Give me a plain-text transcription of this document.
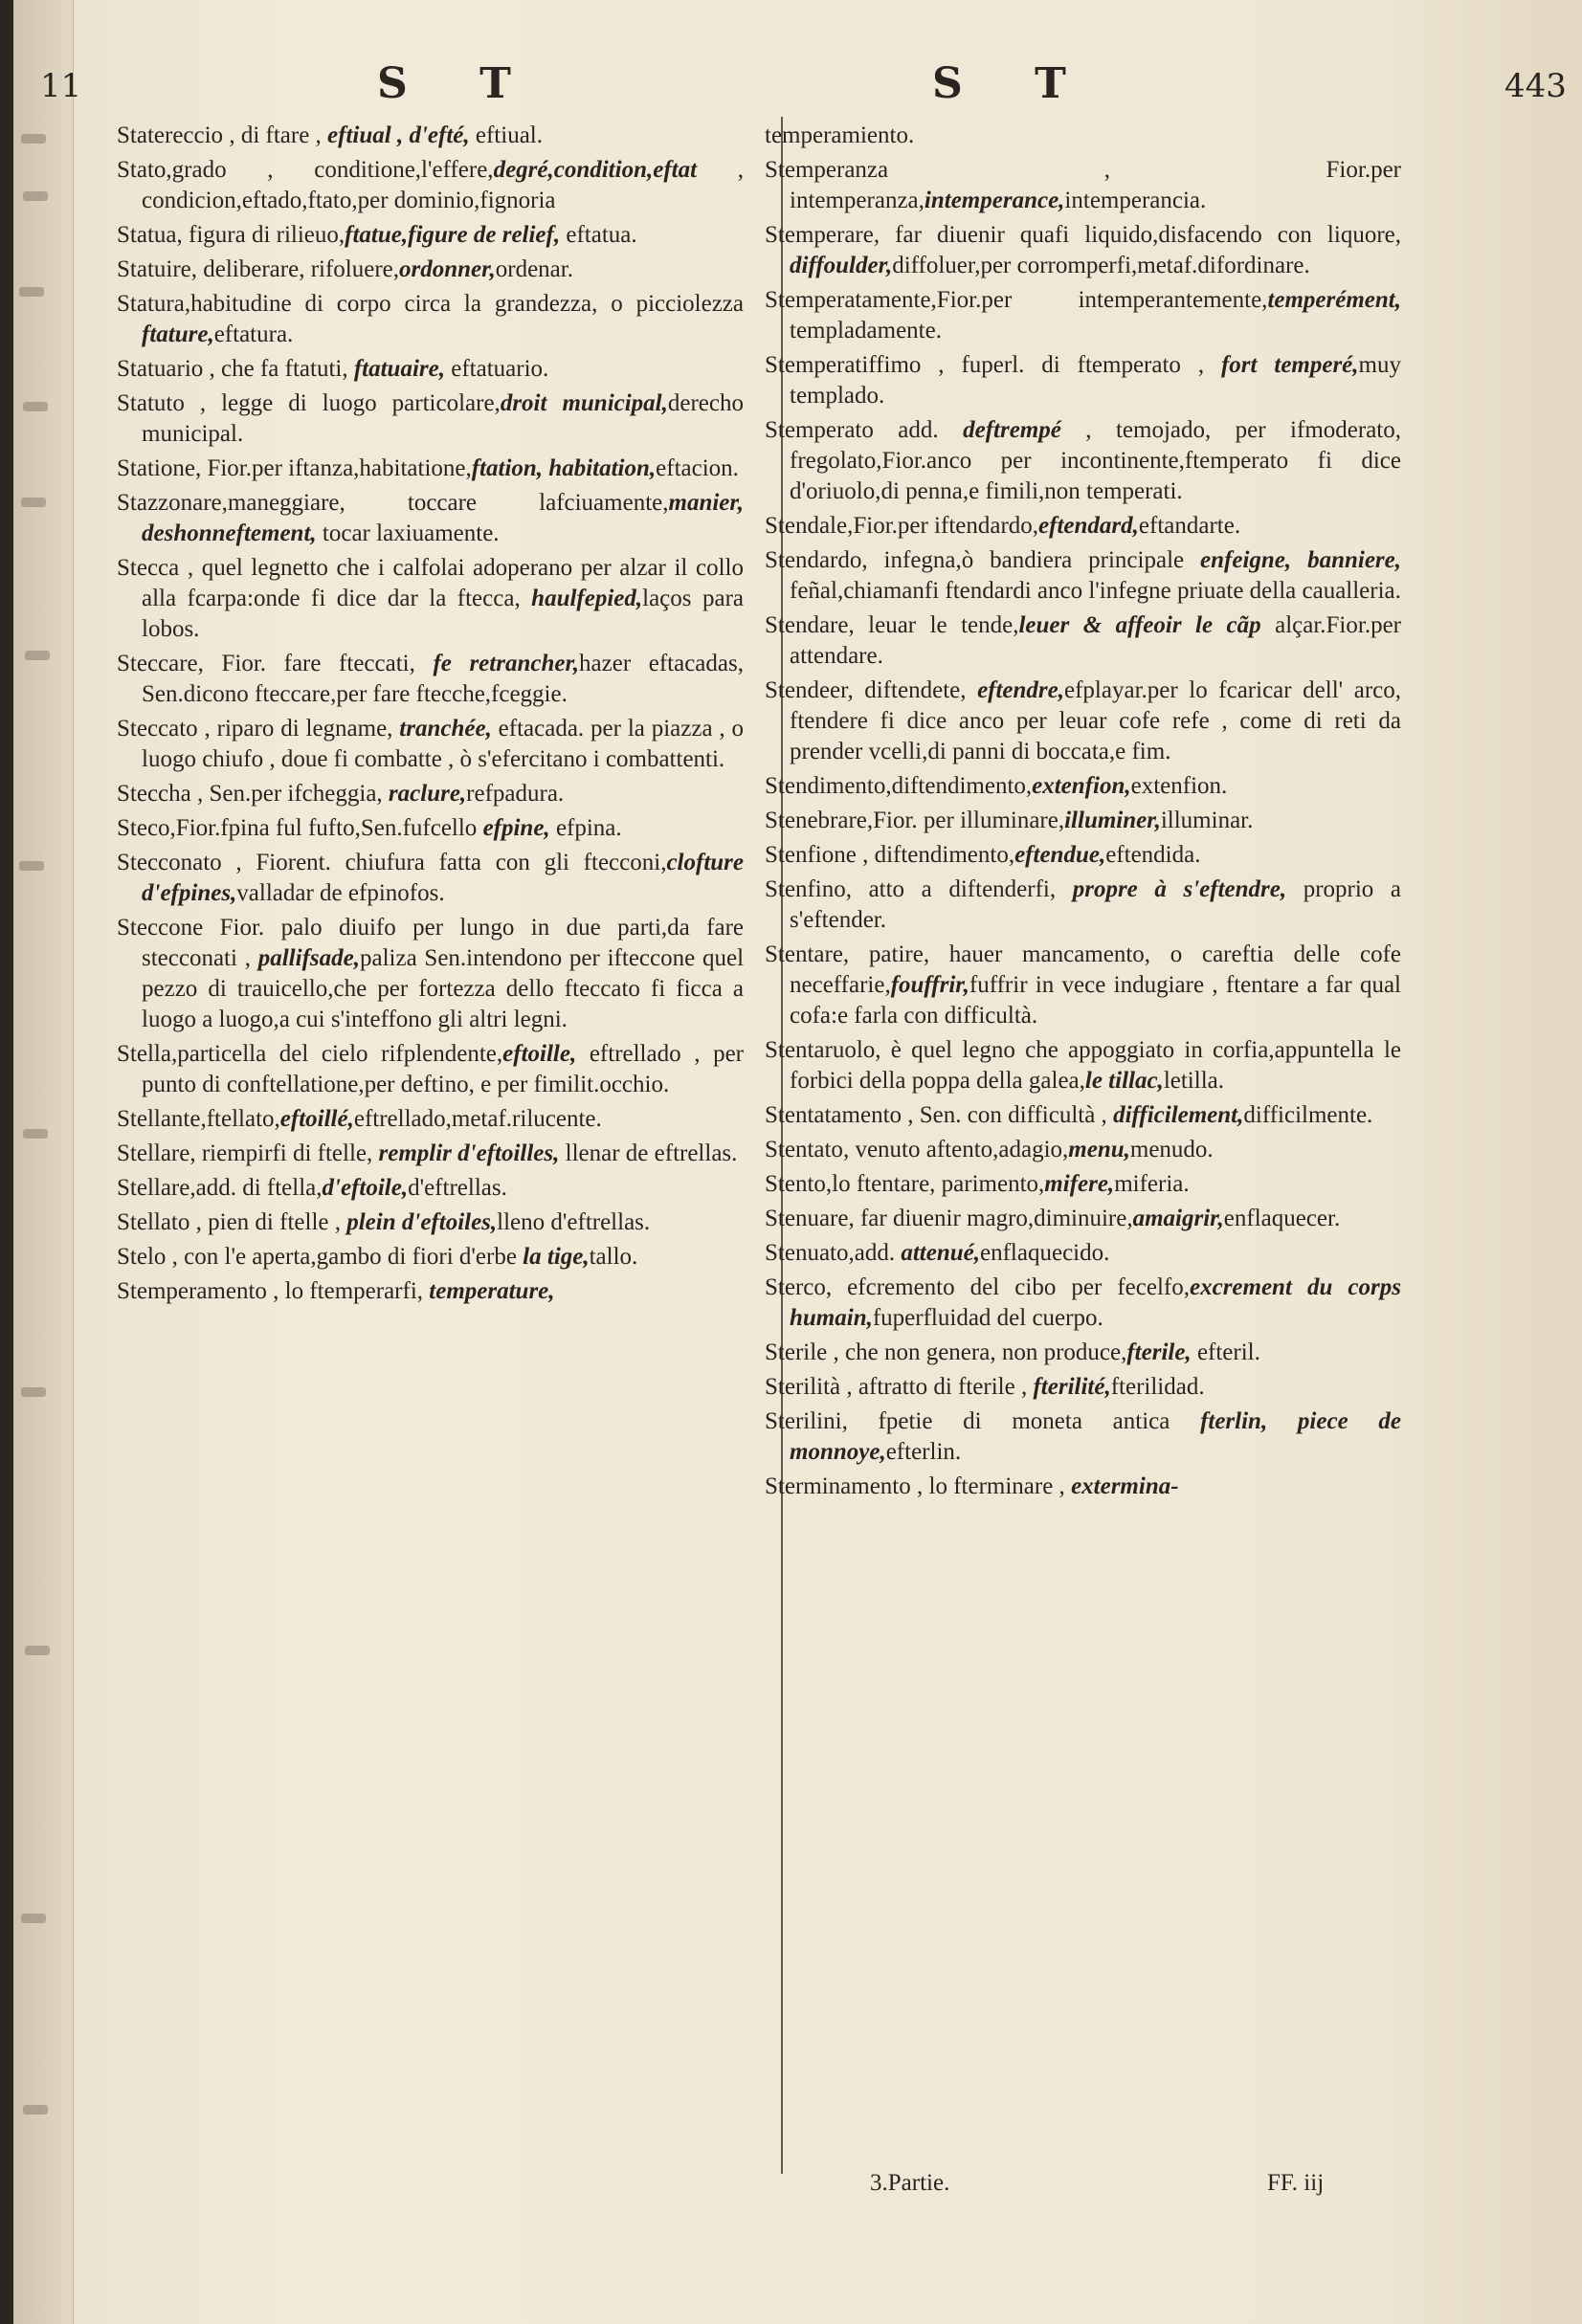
11	S T	S T	443

Statereccio , di ftare , eftiual , d'efté, eftiual.

Stato,grado , conditione,l'effere,degré,condition,eftat , condicion,eftado,ftato,per dominio,fignoria

Statua, figura di rilieuo,ftatue,figure de relief, eftatua.

Statuire, deliberare, rifoluere,ordonner,ordenar.

Statura,habitudine di corpo circa la grandezza, o picciolezza ftature,eftatura.

Statuario , che fa ftatuti, ftatuaire, eftatuario.

Statuto , legge di luogo particolare,droit municipal,derecho municipal.

Statione, Fior.per iftanza,habitatione,ftation, habitation,eftacion.

Stazzonare,maneggiare, toccare lafciuamente,manier, deshonneftement, tocar laxiuamente.

Stecca , quel legnetto che i calfolai adoperano per alzar il collo alla fcarpa:onde fi dice dar la ftecca, haulfepied,laços para lobos.

Steccare, Fior. fare fteccati, fe retrancher,hazer eftacadas, Sen.dicono fteccare,per fare ftecche,fceggie.

Steccato , riparo di legname, tranchée, eftacada. per la piazza , o luogo chiufo , doue fi combatte , ò s'efercitano i combattenti.

Steccha , Sen.per ifcheggia, raclure,refpadura.

Steco,Fior.fpina ful fufto,Sen.fufcello efpine, efpina.

Stecconato , Fiorent. chiufura fatta con gli ftecconi,clofture d'efpines,valladar de efpinofos.

Steccone Fior. palo diuifo per lungo in due parti,da fare stecconati , pallifsade,paliza Sen.intendono per ifteccone quel pezzo di trauicello,che per fortezza dello fteccato fi ficca a luogo a luogo,a cui s'inteffono gli altri legni.

Stella,particella del cielo rifplendente,eftoille, eftrellado , per punto di conftellatione,per deftino, e per fimilit.occhio.

Stellante,ftellato,eftoillé,eftrellado,metaf.rilucente.

Stellare, riempirfi di ftelle, remplir d'eftoilles, llenar de eftrellas.

Stellare,add. di ftella,d'eftoile,d'eftrellas.

Stellato , pien di ftelle , plein d'eftoiles,lleno d'eftrellas.

Stelo , con l'e aperta,gambo di fiori d'erbe la tige,tallo.

Stemperamento , lo ftemperarfi, temperature,

temperamiento.

Stemperanza , Fior.per intemperanza,intemperance,intemperancia.

Stemperare, far diuenir quafi liquido,disfacendo con liquore, diffoulder,diffoluer,per corromperfi,metaf.difordinare.

Stemperatamente,Fior.per intemperantemente,temperément, templadamente.

Stemperatiffimo , fuperl. di ftemperato , fort temperé,muy templado.

Stemperato add. deftrempé , temojado, per ifmoderato, fregolato,Fior.anco per incontinente,ftemperato fi dice d'oriuolo,di penna,e fimili,non temperati.

Stendale,Fior.per iftendardo,eftendard,eftandarte.

Stendardo, infegna,ò bandiera principale enfeigne, banniere, feñal,chiamanfi ftendardi anco l'infegne priuate della caualleria.

Stendare, leuar le tende,leuer & affeoir le cãp alçar.Fior.per attendare.

Stendeer, diftendete, eftendre,efplayar.per lo fcaricar dell' arco, ftendere fi dice anco per leuar cofe refe , come di reti da prender vcelli,di panni di boccata,e fim.

Stendimento,diftendimento,extenfion,extenfion.

Stenebrare,Fior. per illuminare,illuminer,illuminar.

Stenfione , diftendimento,eftendue,eftendida.

Stenfino, atto a diftenderfi, propre à s'eftendre, proprio a s'eftender.

Stentare, patire, hauer mancamento, o careftia delle cofe neceffarie,fouffrir,fuffrir in vece indugiare , ftentare a far qual cofa:e farla con difficultà.

Stentaruolo, è quel legno che appoggiato in corfia,appuntella le forbici della poppa della galea,le tillac,letilla.

Stentatamento , Sen. con difficultà , difficilement,difficilmente.

Stentato, venuto aftento,adagio,menu,menudo.

Stento,lo ftentare, parimento,mifere,miferia.

Stenuare, far diuenir magro,diminuire,amaigrir,enflaquecer.

Stenuato,add. attenué,enflaquecido.

Sterco, efcremento del cibo per fecelfo,excrement du corps humain,fuperfluidad del cuerpo.

Sterile , che non genera, non produce,fterile, efteril.

Sterilità , aftratto di fterile , fterilité,fterilidad.

Sterilini, fpetie di moneta antica fterlin, piece de monnoye,efterlin.

Sterminamento , lo fterminare , extermina-

3.Partie.	FF. iij
